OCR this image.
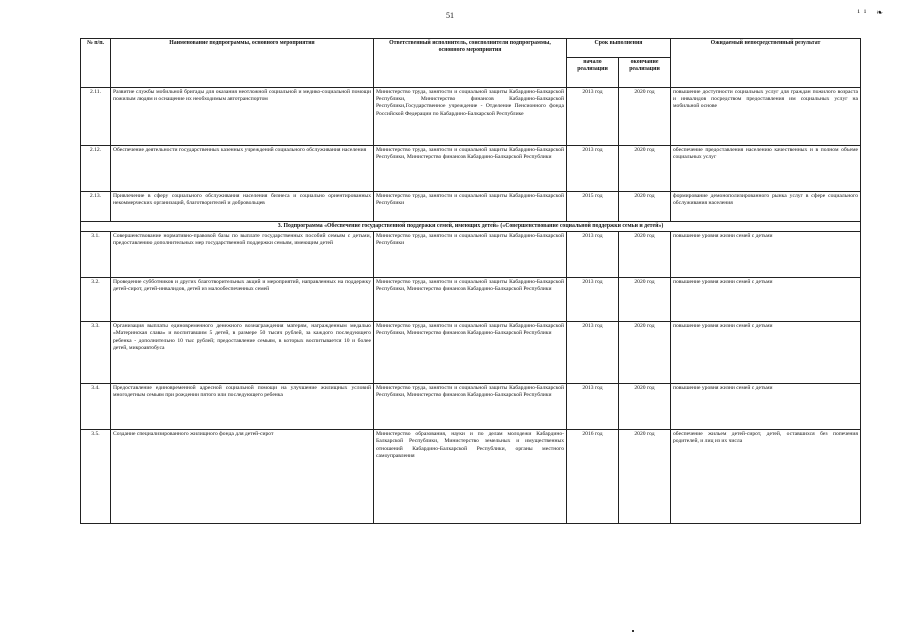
51	¹¹ ❧
№ п/п.	Наименование подпрограммы, основного мероприятия	Ответственный исполнитель, соисполнители подпрограммы, основного мероприятия	Срок выполнения		Ожидаемый непосредственный результат
			начало реализации	окончание реализации	
2.11.	Развитие службы мобильной бригады для оказания неотложной социальной и медико-социальной помощи пожилым людям и оснащение их необходимым автотранспортом	Министерство труда, занятости и социальной защиты Кабардино-Балкарской Республики, Министерство финансов Кабардино-Балкарской Республики,Государственное учреждение - Отделение Пенсионного фонда Российской Федерации по Кабардино-Балкарской Республике	2013 год	2020 год	повышение доступности социальных услуг для граждан пожилого возраста и инвалидов посредством предоставления им социальных услуг на мобильной основе
2.12.	Обеспечение деятельности государственных казенных учреждений социального обслуживания населения	Министерство труда, занятости и социальной защиты Кабардино-Балкарской Республики, Министерство финансов Кабардино-Балкарской Республики	2013 год	2020 год	обеспечение предоставления населению качественных и в полном объеме социальных услуг
2.13.	Привлечение в сферу социального обслуживания населения бизнеса и социально ориентированных некоммерческих организаций, благотворителей и добровольцев	Министерство труда, занятости и социальной защиты Кабардино-Балкарской Республики	2015 год	2020 год	формирование демонополизированного рынка услуг в сфере социального обслуживания населения
3. Подпрограмма «Обеспечение государственной поддержки семей, имеющих детей» («Совершенствование социальной поддержки семьи и детей»)					
3.1.	Совершенствование нормативно-правовой базы по выплате государственных пособий семьям с детьми, предоставлению дополнительных мер государственной поддержки семьям, имеющим детей	Министерство труда, занятости и социальной защиты Кабардино-Балкарской Республики	2013 год	2020 год	повышение уровня жизни семей с детьми
3.2.	Проведение субботников и других благотворительных акций и мероприятий, направленных на поддержку детей-сирот, детей-инвалидов, детей из малообеспеченных семей	Министерство труда, занятости и социальной защиты Кабардино-Балкарской Республики, Министерство финансов Кабардино-Балкарской Республики	2013 год	2020 год	повышение уровня жизни семей с детьми
3.3.	Организация выплаты единовременного денежного вознаграждения матерям, награжденным медалью «Материнская слава» и воспитавшим 5 детей, в размере 50 тысяч рублей, за каждого последующего ребенка - дополнительно 10 тыс рублей; предоставление семьям, в которых воспитывается 10 и более детей, микроавтобуса	Министерство труда, занятости и социальной защиты Кабардино-Балкарской Республики, Министерство финансов Кабардино-Балкарской Республики	2013 год	2020 год	повышение уровня жизни семей с детьми
3.4.	Предоставление единовременной адресной социальной помощи на улучшение жилищных условий многодетным семьям при рождении пятого или последующего ребенка	Министерство труда, занятости и социальной защиты Кабардино-Балкарской Республики, Министерство финансов Кабардино-Балкарской Республики	2013 год	2020 год	повышение уровня жизни семей с детьми
3.5.	Создание специализированного жилищного фонда для детей-сирот	Министерство образования, науки и по делам молодежи Кабардино-Балкарской Республики, Министерство земельных и имущественных отношений Кабардино-Балкарской Республики, органы местного самоуправления	2016 год	2020 год	обеспечение жильем детей-сирот, детей, оставшихся без попечения родителей, и лиц из их числа
